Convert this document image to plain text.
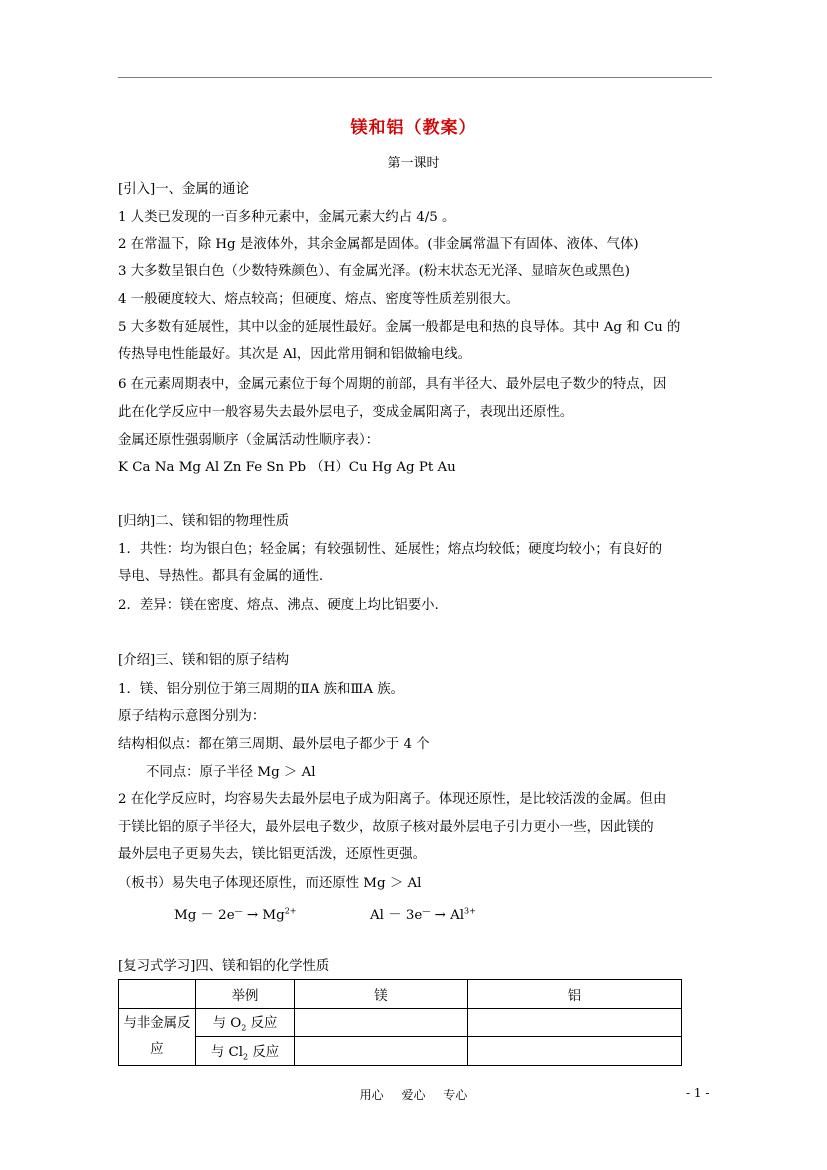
镁和铝（教案）
第一课时
[引入]一、金属的通论
1 人类已发现的一百多种元素中，金属元素大约占 4/5 。
2 在常温下，除 Hg 是液体外，其余金属都是固体。(非金属常温下有固体、液体、气体)
3 大多数呈银白色（少数特殊颜色）、有金属光泽。(粉末状态无光泽、显暗灰色或黑色)
4 一般硬度较大、熔点较高；但硬度、熔点、密度等性质差别很大。
5 大多数有延展性，其中以金的延展性最好。金属一般都是电和热的良导体。其中 Ag 和 Cu 的
传热导电性能最好。其次是 Al，因此常用铜和铝做输电线。
6 在元素周期表中，金属元素位于每个周期的前部，具有半径大、最外层电子数少的特点，因
此在化学反应中一般容易失去最外层电子，变成金属阳离子，表现出还原性。
金属还原性强弱顺序（金属活动性顺序表）：
K Ca Na Mg Al Zn Fe Sn Pb （H）Cu Hg Ag Pt Au
[归纳]二、镁和铝的物理性质
1．共性：均为银白色；轻金属；有较强韧性、延展性；熔点均较低；硬度均较小；有良好的
导电、导热性。都具有金属的通性.
2．差异：镁在密度、熔点、沸点、硬度上均比铝要小.
[介绍]三、镁和铝的原子结构
1．镁、铝分别位于第三周期的ⅡA 族和ⅢA 族。
原子结构示意图分别为：
结构相似点：都在第三周期、最外层电子都少于 4 个
不同点：原子半径 Mg ＞ Al
2 在化学反应时，均容易失去最外层电子成为阳离子。体现还原性，是比较活泼的金属。但由
于镁比铝的原子半径大，最外层电子数少，故原子核对最外层电子引力更小一些，因此镁的
最外层电子更易失去，镁比铝更活泼，还原性更强。
（板书）易失电子体现还原性，而还原性 Mg ＞ Al
$Mg - 2e^— \to Mg^{2+}$	$Al - 3e^— \to Al^{3+}$
[复习式学习]四、镁和铝的化学性质
	举例	镁	铝
与非金属反应	与 $O_2$ 反应		
	与 $Cl_2$ 反应		
用心 爱心 专心	- 1 -
